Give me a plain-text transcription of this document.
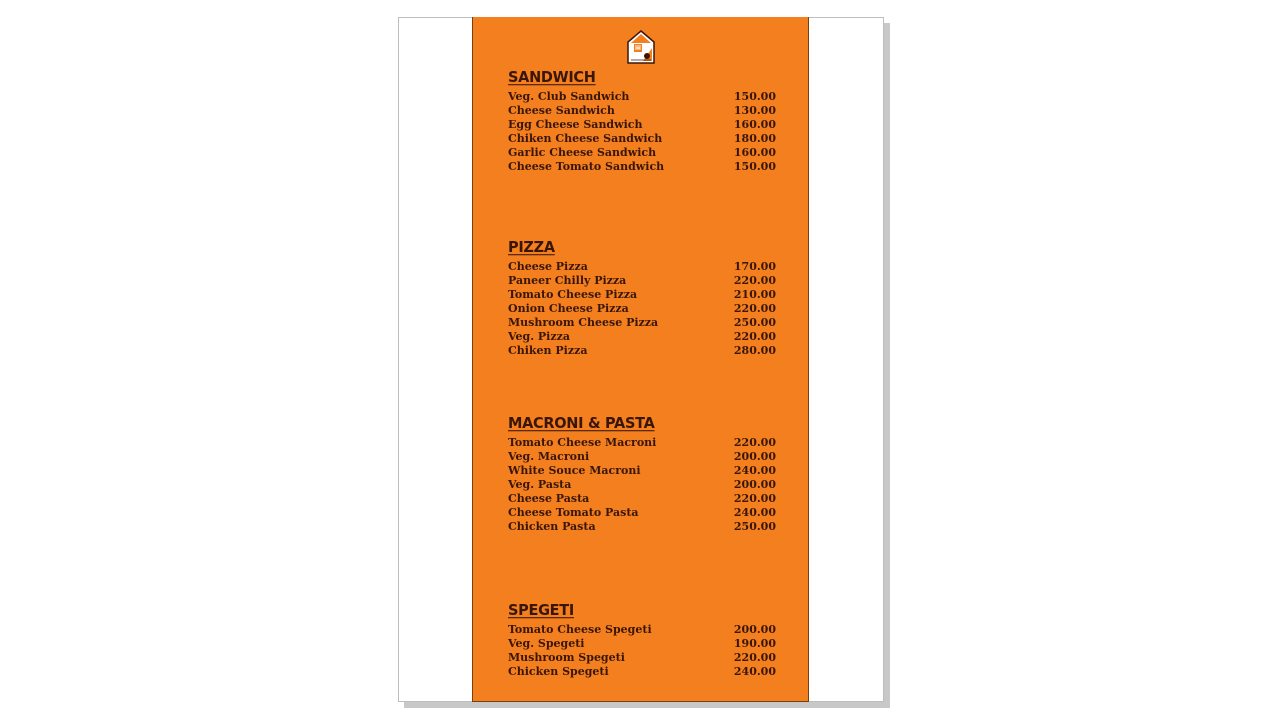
SANDWICH
Veg. Club Sandwich	150.00
Cheese Sandwich	130.00
Egg Cheese Sandwich	160.00
Chiken Cheese Sandwich	180.00
Garlic Cheese Sandwich	160.00
Cheese Tomato Sandwich	150.00
PIZZA
Cheese Pizza	170.00
Paneer Chilly Pizza	220.00
Tomato Cheese Pizza	210.00
Onion Cheese Pizza	220.00
Mushroom Cheese Pizza	250.00
Veg. Pizza	220.00
Chiken Pizza	280.00
MACRONI & PASTA
Tomato Cheese Macroni	220.00
Veg. Macroni	200.00
White Souce Macroni	240.00
Veg. Pasta	200.00
Cheese Pasta	220.00
Cheese Tomato Pasta	240.00
Chicken Pasta	250.00
SPEGETI
Tomato Cheese Spegeti	200.00
Veg. Spegeti	190.00
Mushroom Spegeti	220.00
Chicken Spegeti	240.00
